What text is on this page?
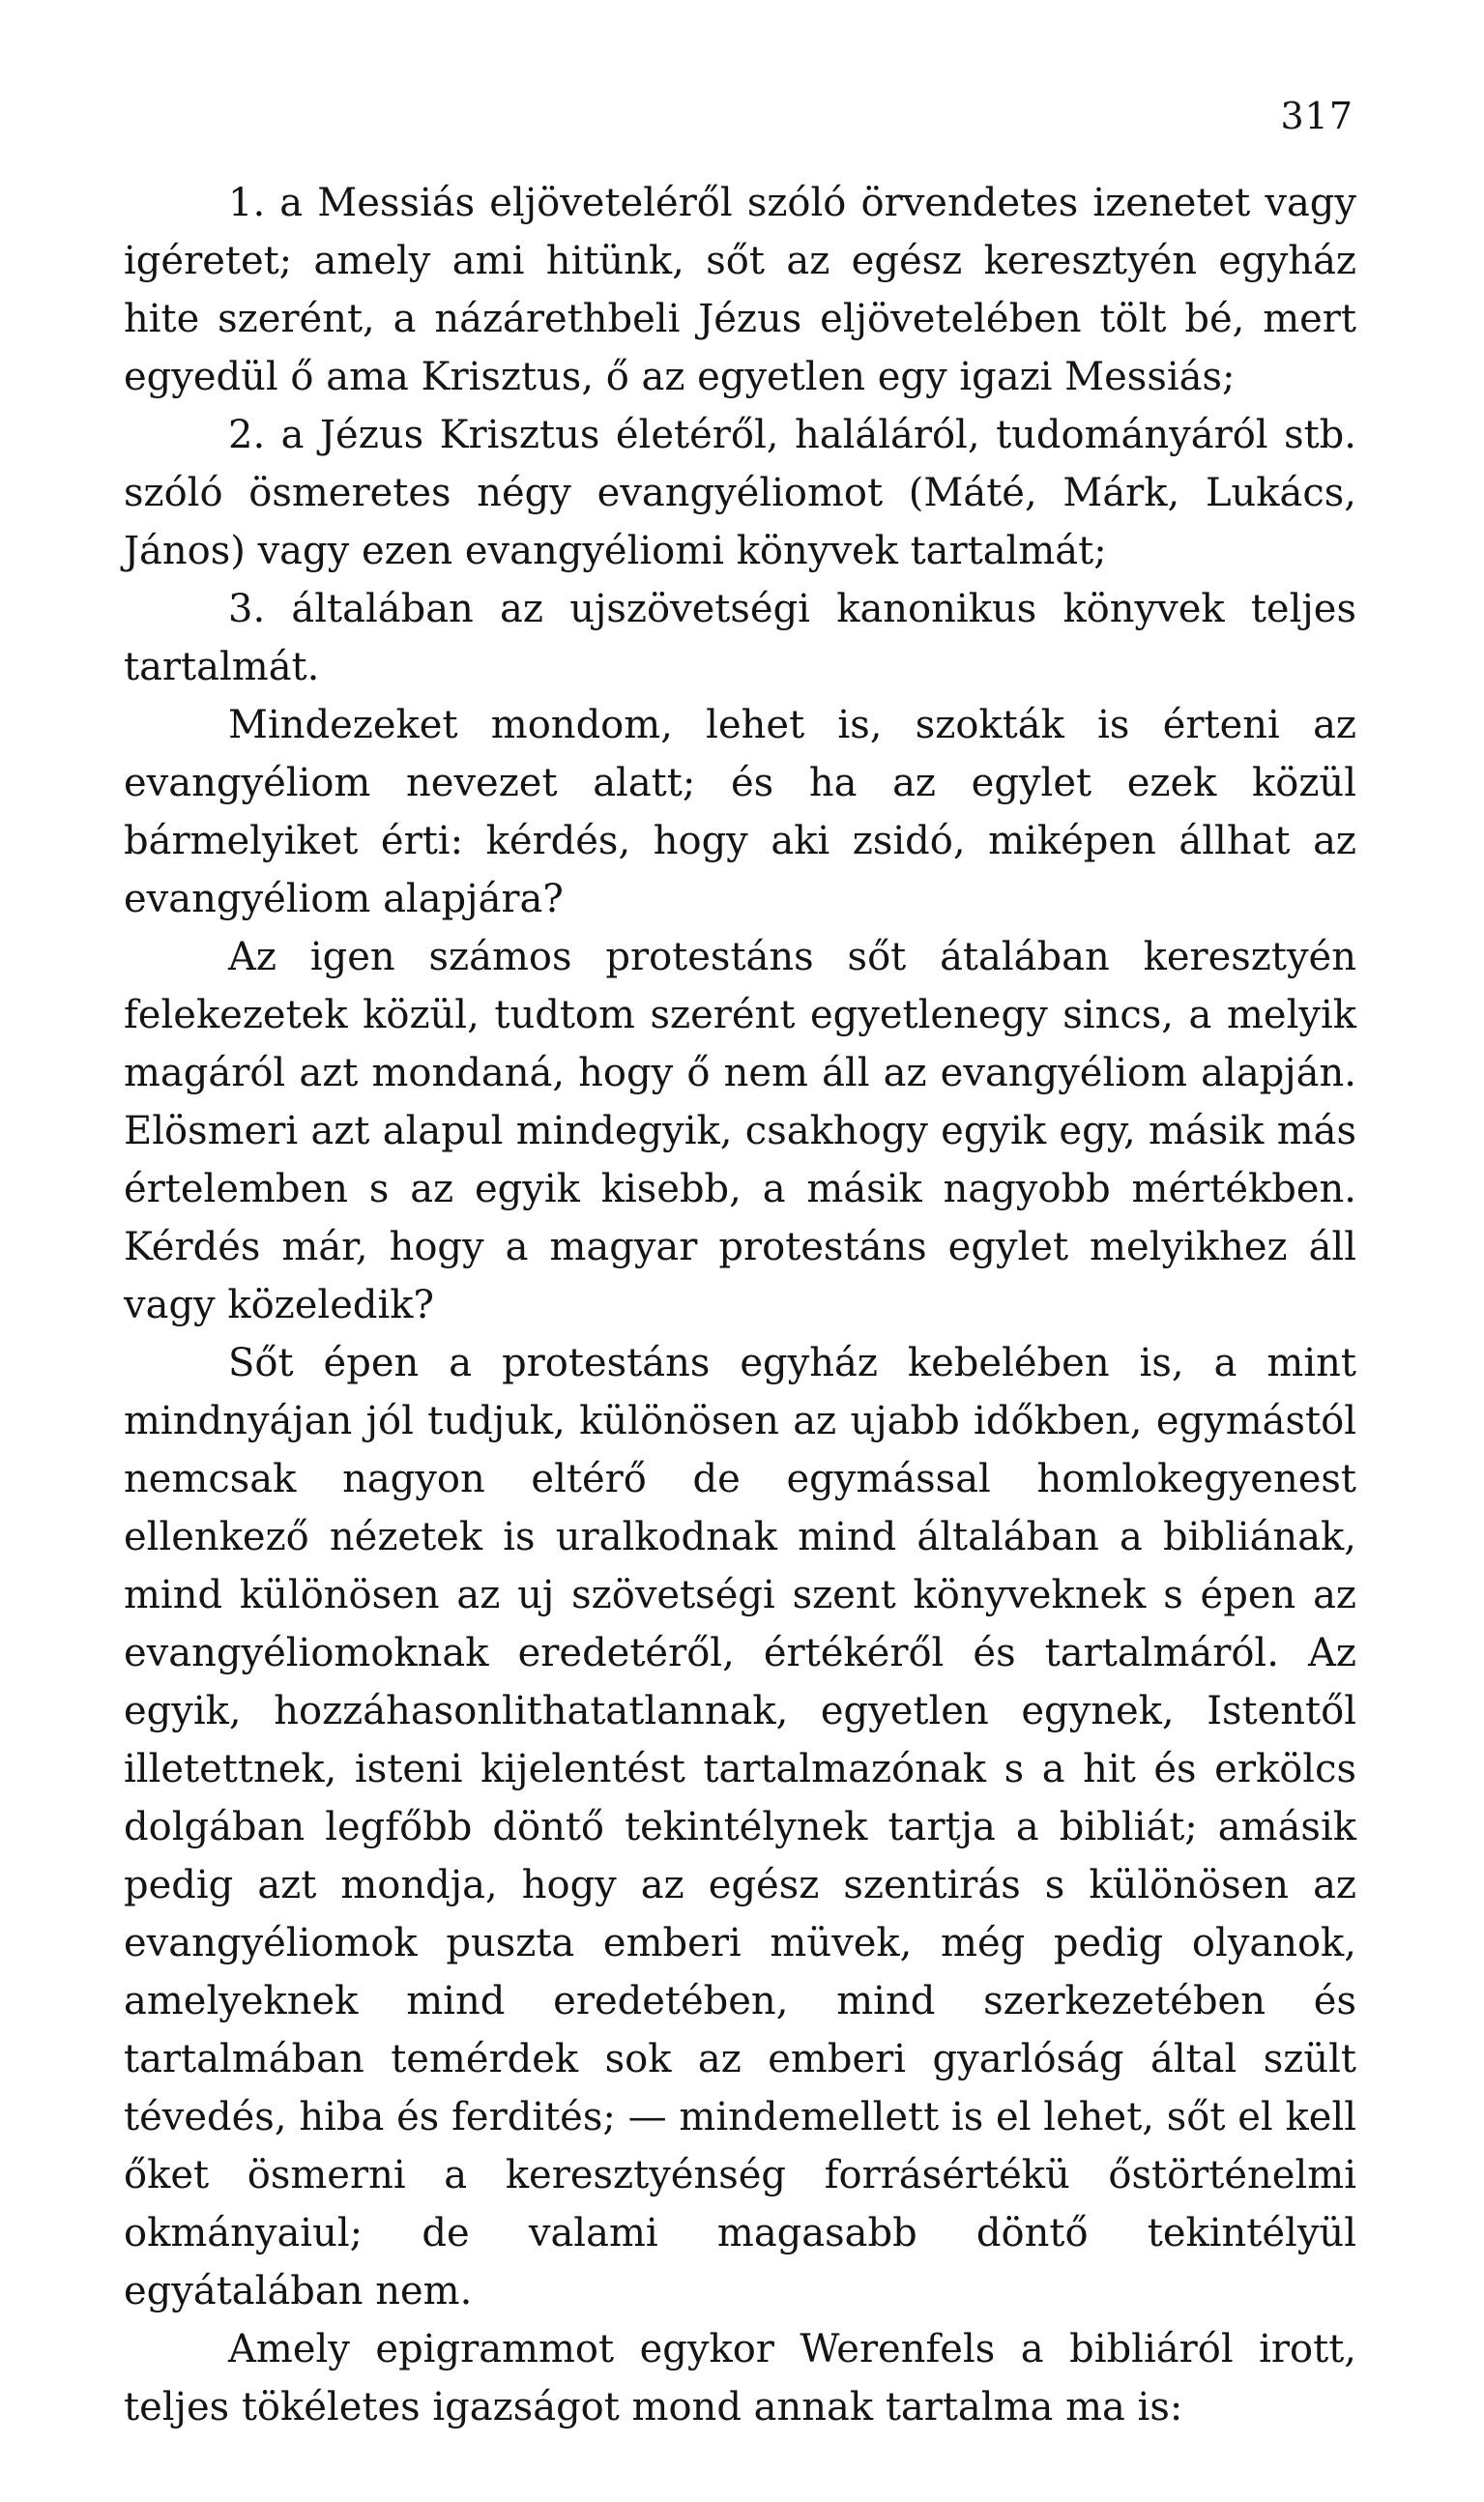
317

1. a Messiás eljöveteléről szóló örvendetes izenetet vagy igéretet; amely ami hitünk, sőt az egész keresztyén egyház hite szerént, a názárethbeli Jézus eljövetelében tölt bé, mert egyedül ő ama Krisztus, ő az egyetlen egy igazi Messiás;

2. a Jézus Krisztus életéről, haláláról, tudományáról stb. szóló ösmeretes négy evangyéliomot (Máté, Márk, Lukács, János) vagy ezen evangyéliomi könyvek tartalmát;

3. általában az ujszövetségi kanonikus könyvek teljes tartalmát.

Mindezeket mondom, lehet is, szokták is érteni az evangyéliom nevezet alatt; és ha az egylet ezek közül bármelyiket érti: kérdés, hogy aki zsidó, miképen állhat az evangyéliom alapjára?

Az igen számos protestáns sőt átalában keresztyén felekezetek közül, tudtom szerént egyetlenegy sincs, a melyik magáról azt mondaná, hogy ő nem áll az evangyéliom alapján. Elösmeri azt alapul mindegyik, csakhogy egyik egy, másik más értelemben s az egyik kisebb, a másik nagyobb mértékben. Kérdés már, hogy a magyar protestáns egylet melyikhez áll vagy közeledik?

Sőt épen a protestáns egyház kebelében is, a mint mindnyájan jól tudjuk, különösen az ujabb időkben, egymástól nemcsak nagyon eltérő de egymással homlokegyenest ellenkező nézetek is uralkodnak mind általában a bibliának, mind különösen az uj szövetségi szent könyveknek s épen az evangyéliomoknak eredetéről, értékéről és tartalmáról. Az egyik, hozzáhasonlithatatlannak, egyetlen egynek, Istentől illetettnek, isteni kijelentést tartalmazónak s a hit és erkölcs dolgában legfőbb döntő tekintélynek tartja a bibliát; amásik pedig azt mondja, hogy az egész szentirás s különösen az evangyéliomok puszta emberi müvek, még pedig olyanok, amelyeknek mind eredetében, mind szerkezetében és tartalmában temérdek sok az emberi gyarlóság által szült tévedés, hiba és ferdités; — mindemellett is el lehet, sőt el kell őket ösmerni a keresztyénség forrásértékü őstörténelmi okmányaiul; de valami magasabb döntő tekintélyül egyátalában nem.

Amely epigrammot egykor Werenfels a bibliáról irott, teljes tökéletes igazságot mond annak tartalma ma is:
